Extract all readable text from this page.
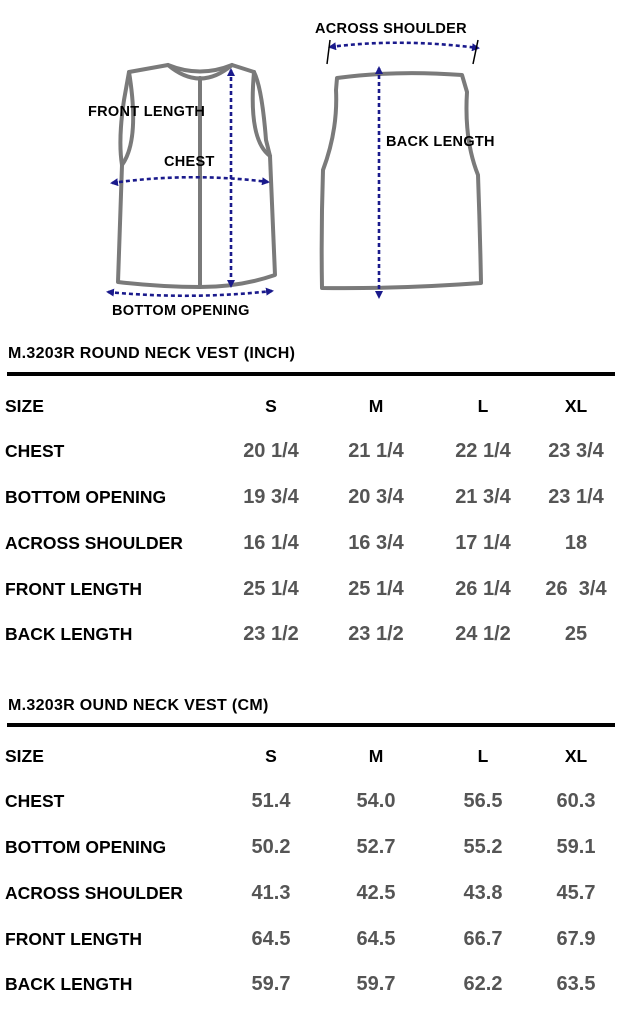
FRONT LENGTH
CHEST
BOTTOM OPENING
ACROSS SHOULDER
BACK LENGTH
M.3203R ROUND NECK VEST (INCH)
SIZE	S	M	L	XL
CHEST	20 1/4	21 1/4	22 1/4	23 3/4
BOTTOM OPENING	19 3/4	20 3/4	21 3/4	23 1/4
ACROSS SHOULDER	16 1/4	16 3/4	17 1/4	18
FRONT LENGTH	25 1/4	25 1/4	26 1/4	26  3/4
BACK LENGTH	23 1/2	23 1/2	24 1/2	25
M.3203R OUND NECK VEST (CM)
SIZE	S	M	L	XL
CHEST	51.4	54.0	56.5	60.3
BOTTOM OPENING	50.2	52.7	55.2	59.1
ACROSS SHOULDER	41.3	42.5	43.8	45.7
FRONT LENGTH	64.5	64.5	66.7	67.9
BACK LENGTH	59.7	59.7	62.2	63.5
